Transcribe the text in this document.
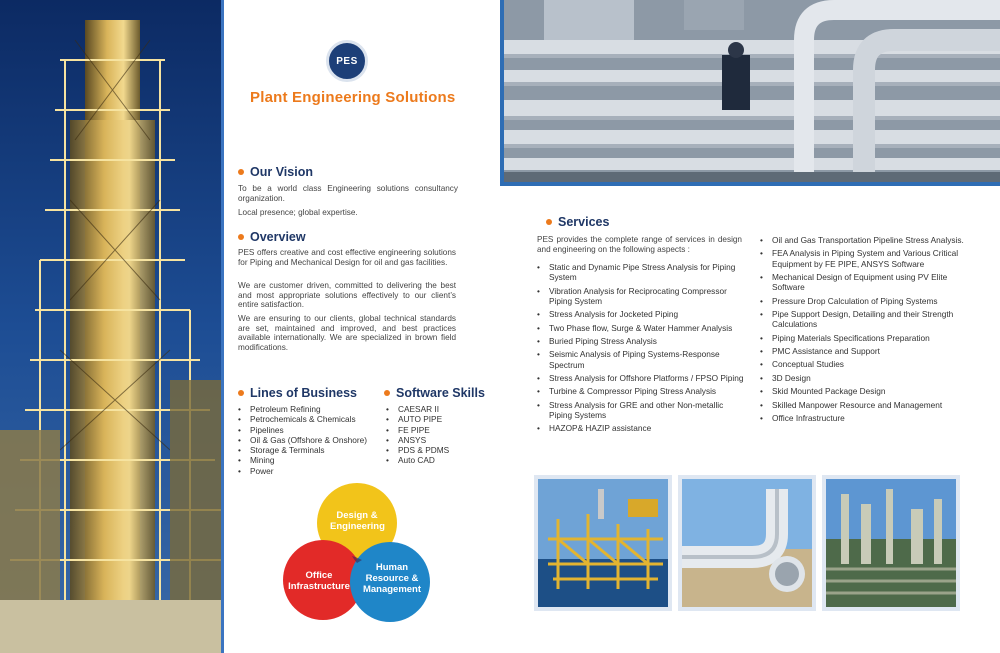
PES
Plant Engineering Solutions
Our Vision
To be a world class Engineering solutions consultancy organization.
Local presence; global expertise.
Overview
PES offers creative and cost effective engineering solutions for Piping and Mechanical Design for oil and gas facilities.
We are customer driven, committed to delivering the best and most appropriate solutions effectively to our client’s entire satisfaction.
We are ensuring to our clients, global technical standards are set, maintained and improved, and best practices available internationally. We are specialized in brown field modifications.
Lines of Business
• Petroleum Refining
• Petrochemicals & Chemicals
• Pipelines
• Oil & Gas (Offshore & Onshore)
• Storage & Terminals
• Mining
• Power
Software Skills
• CAESAR II
• AUTO PIPE
• FE PIPE
• ANSYS
• PDS & PDMS
• Auto CAD
Design & Engineering
Office Infrastructure
Human Resource & Management
Services
PES provides the complete range of services in design and engineering on the following aspects :
• Static and Dynamic Pipe Stress Analysis for Piping System
• Vibration Analysis for Reciprocating Compressor Piping System
• Stress Analysis for Jocketed Piping
• Two Phase flow, Surge & Water Hammer Analysis
• Buried Piping Stress Analysis
• Seismic Analysis of Piping Systems-Response Spectrum
• Stress Analysis for Offshore Platforms / FPSO Piping
• Turbine & Compressor Piping Stress Analysis
• Stress Analysis for GRE and other Non-metallic Piping Systems
• HAZOP& HAZIP assistance
• Oil and Gas Transportation Pipeline Stress Analysis.
• FEA Analysis in Piping System and Various Critical Equipment by FE PIPE, ANSYS Software
• Mechanical Design of Equipment using PV Elite Software
• Pressure Drop Calculation of Piping Systems
• Pipe Support Design, Detailing and their Strength Calculations
• Piping Materials Specifications Preparation
• PMC Assistance and Support
• Conceptual Studies
• 3D Design
• Skid Mounted Package Design
• Skilled Manpower Resource and Management
• Office Infrastructure
